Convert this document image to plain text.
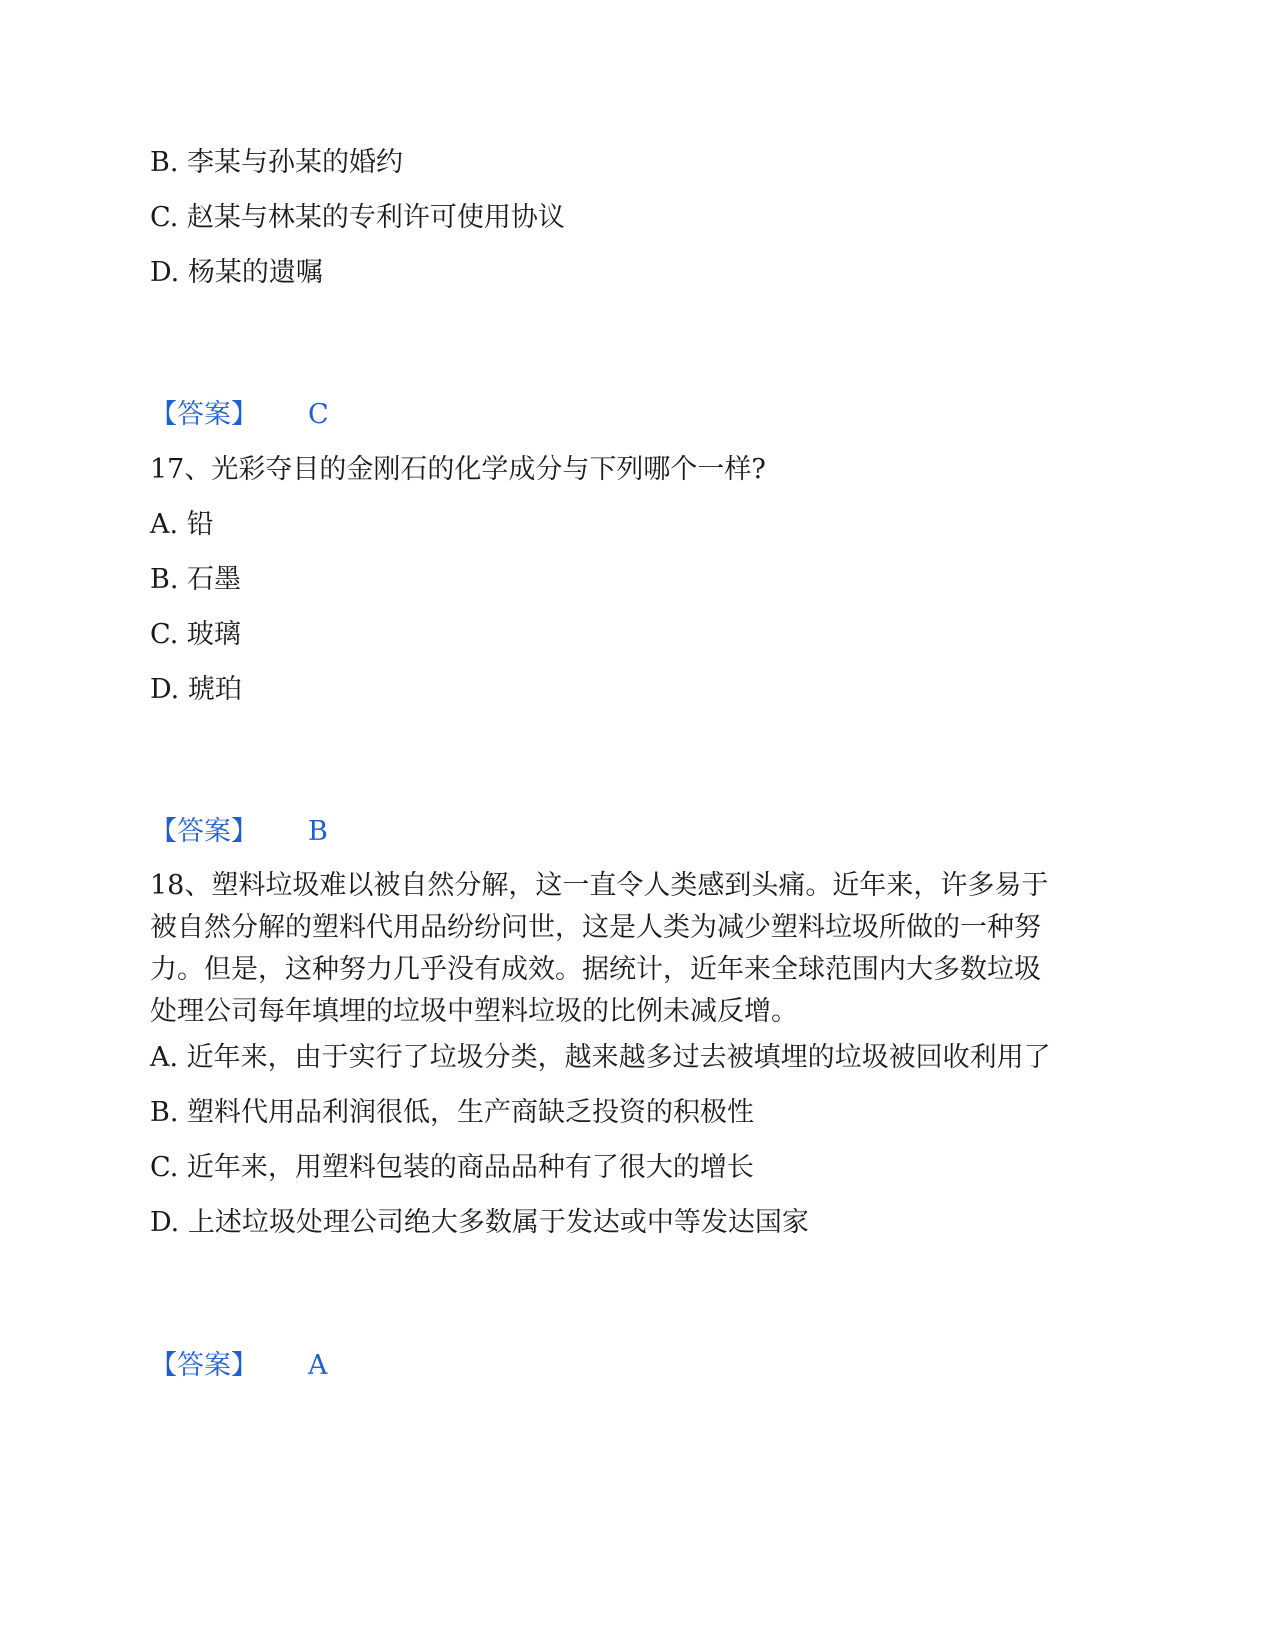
B. 李某与孙某的婚约
C. 赵某与林某的专利许可使用协议
D. 杨某的遗嘱
【答案】 C
17、光彩夺目的金刚石的化学成分与下列哪个一样?
A. 铅
B. 石墨
C. 玻璃
D. 琥珀
【答案】 B
18、塑料垃圾难以被自然分解，这一直令人类感到头痛。近年来，许多易于
被自然分解的塑料代用品纷纷问世，这是人类为减少塑料垃圾所做的一种努
力。但是，这种努力几乎没有成效。据统计，近年来全球范围内大多数垃圾
处理公司每年填埋的垃圾中塑料垃圾的比例未减反增。
A. 近年来，由于实行了垃圾分类，越来越多过去被填埋的垃圾被回收利用了
B. 塑料代用品利润很低，生产商缺乏投资的积极性
C. 近年来，用塑料包装的商品品种有了很大的增长
D. 上述垃圾处理公司绝大多数属于发达或中等发达国家
【答案】 A
